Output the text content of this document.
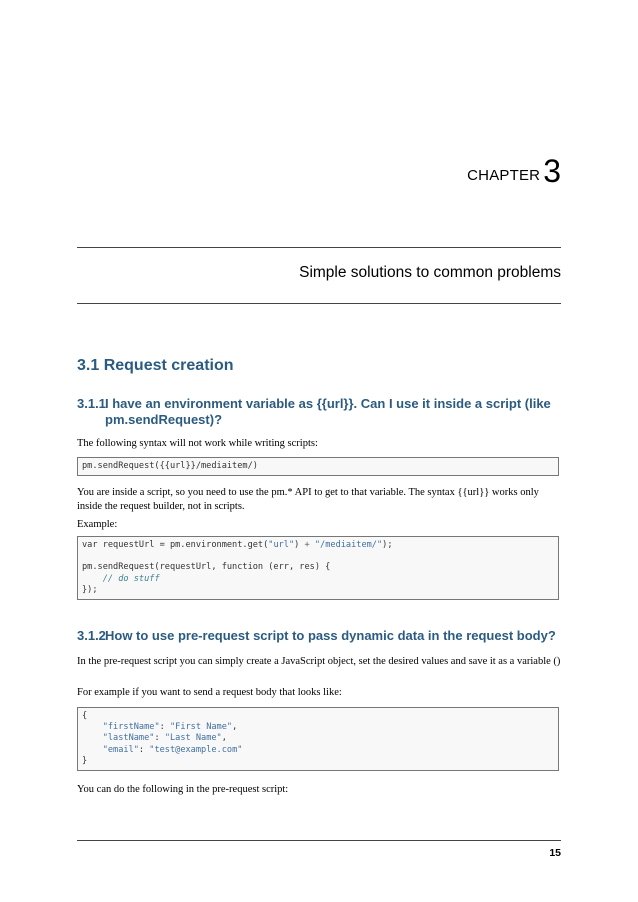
CHAPTER3
Simple solutions to common problems
3.1 Request creation
3.1.1I have an environment variable as {{url}}. Can I use it inside a script (like
pm.sendRequest)?
The following syntax will not work while writing scripts:
pm.sendRequest({{url}}/mediaitem/)
You are inside a script, so you need to use the pm.* API to get to that variable. The syntax {{url}} works only inside the request builder, not in scripts.
Example:
var requestUrl = pm.environment.get("url") + "/mediaitem/");
pm.sendRequest(requestUrl, function (err, res) {
// do stuff
});
3.1.2How to use pre-request script to pass dynamic data in the request body?
In the pre-request script you can simply create a JavaScript object, set the desired values and save it as a variable ()
For example if you want to send a request body that looks like:
{
"firstName": "First Name",
"lastName": "Last Name",
"email": "test@example.com"
}
You can do the following in the pre-request script:
15
